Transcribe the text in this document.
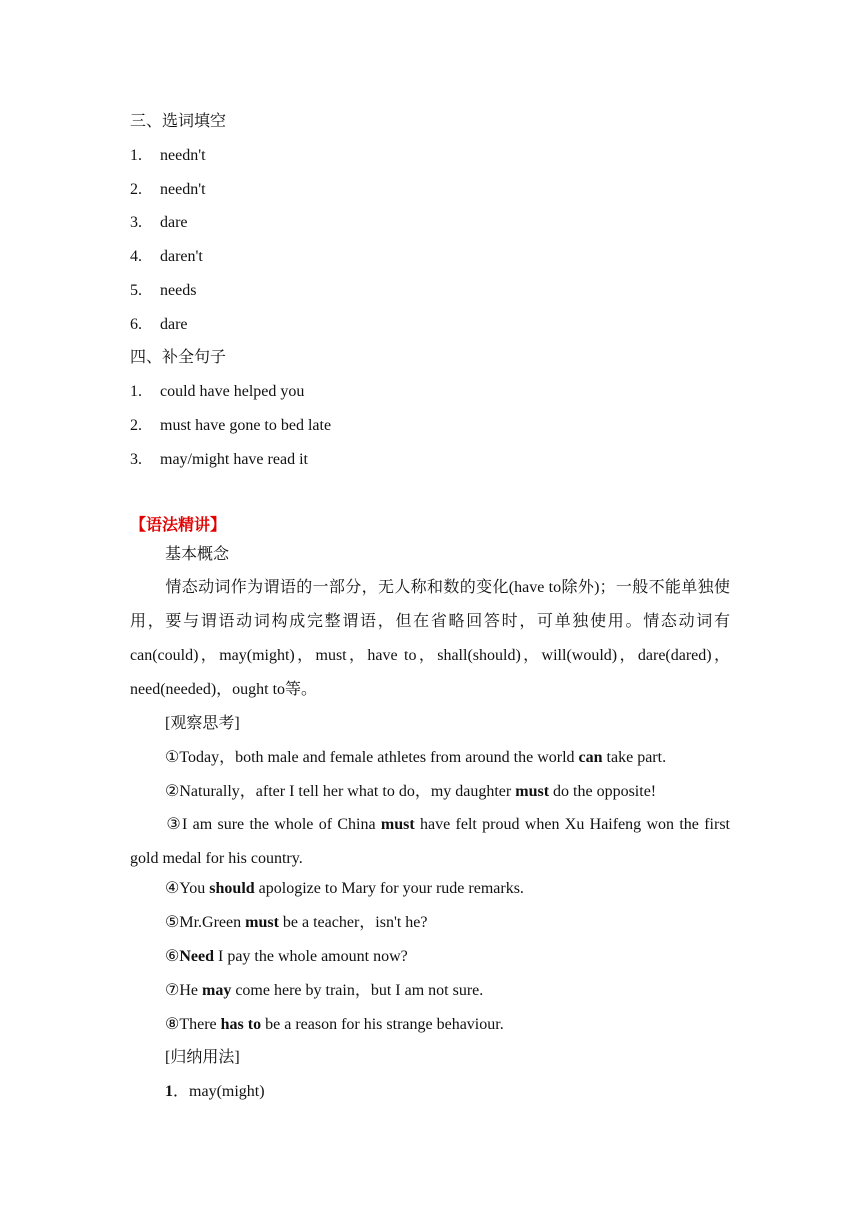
三、选词填空
1. needn't
2. needn't
3. dare
4. daren't
5. needs
6. dare
四、补全句子
1. could have helped you
2. must have gone to bed late
3. may/might have read it
【语法精讲】
基本概念
情态动词作为谓语的一部分，无人称和数的变化(have to除外)；一般不能单独使用，要与谓语动词构成完整谓语，但在省略回答时，可单独使用。情态动词有can(could)，may(might)，must，have to，shall(should)，will(would)，dare(dared)，need(needed)，ought to等。
[观察思考]
①Today，both male and female athletes from around the world can take part.
②Naturally，after I tell her what to do，my daughter must do the opposite!
③I am sure the whole of China must have felt proud when Xu Haifeng won the first gold medal for his country.
④You should apologize to Mary for your rude remarks.
⑤Mr.Green must be a teacher，isn't he?
⑥Need I pay the whole amount now?
⑦He may come here by train，but I am not sure.
⑧There has to be a reason for his strange behaviour.
[归纳用法]
1．may(might)
